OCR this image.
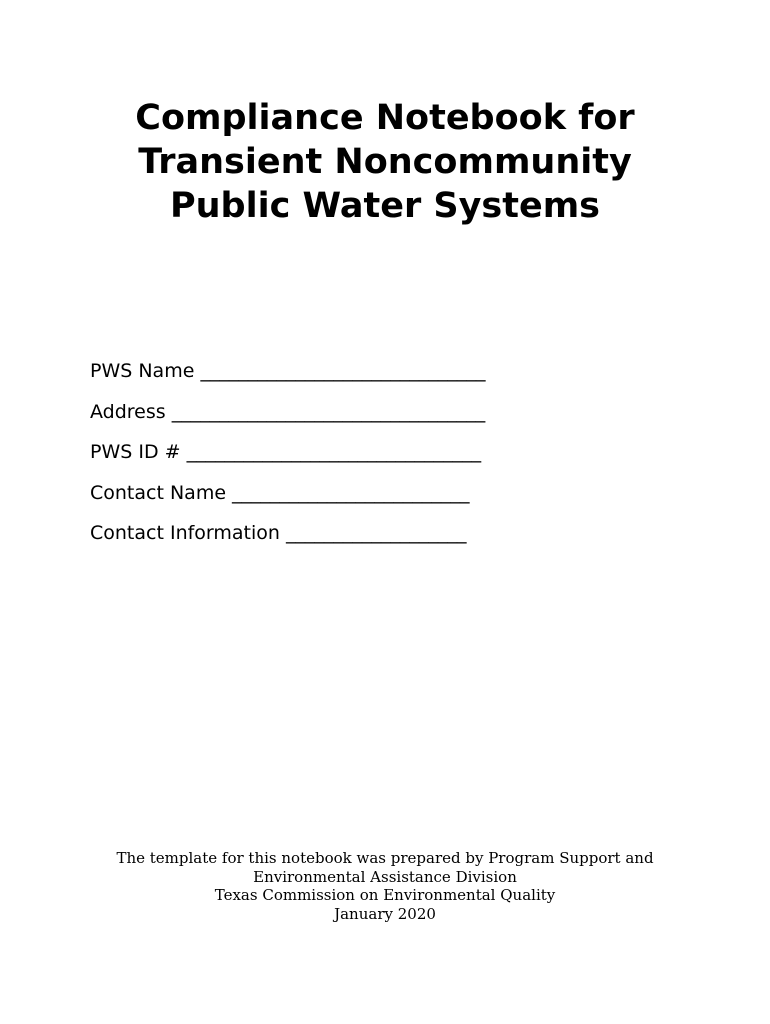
Compliance Notebook for
Transient Noncommunity
Public Water Systems
PWS Name ______________________________
Address _________________________________
PWS ID # _______________________________
Contact Name _________________________
Contact Information ___________________
The template for this notebook was prepared by Program Support and
Environmental Assistance Division
Texas Commission on Environmental Quality
January 2020
